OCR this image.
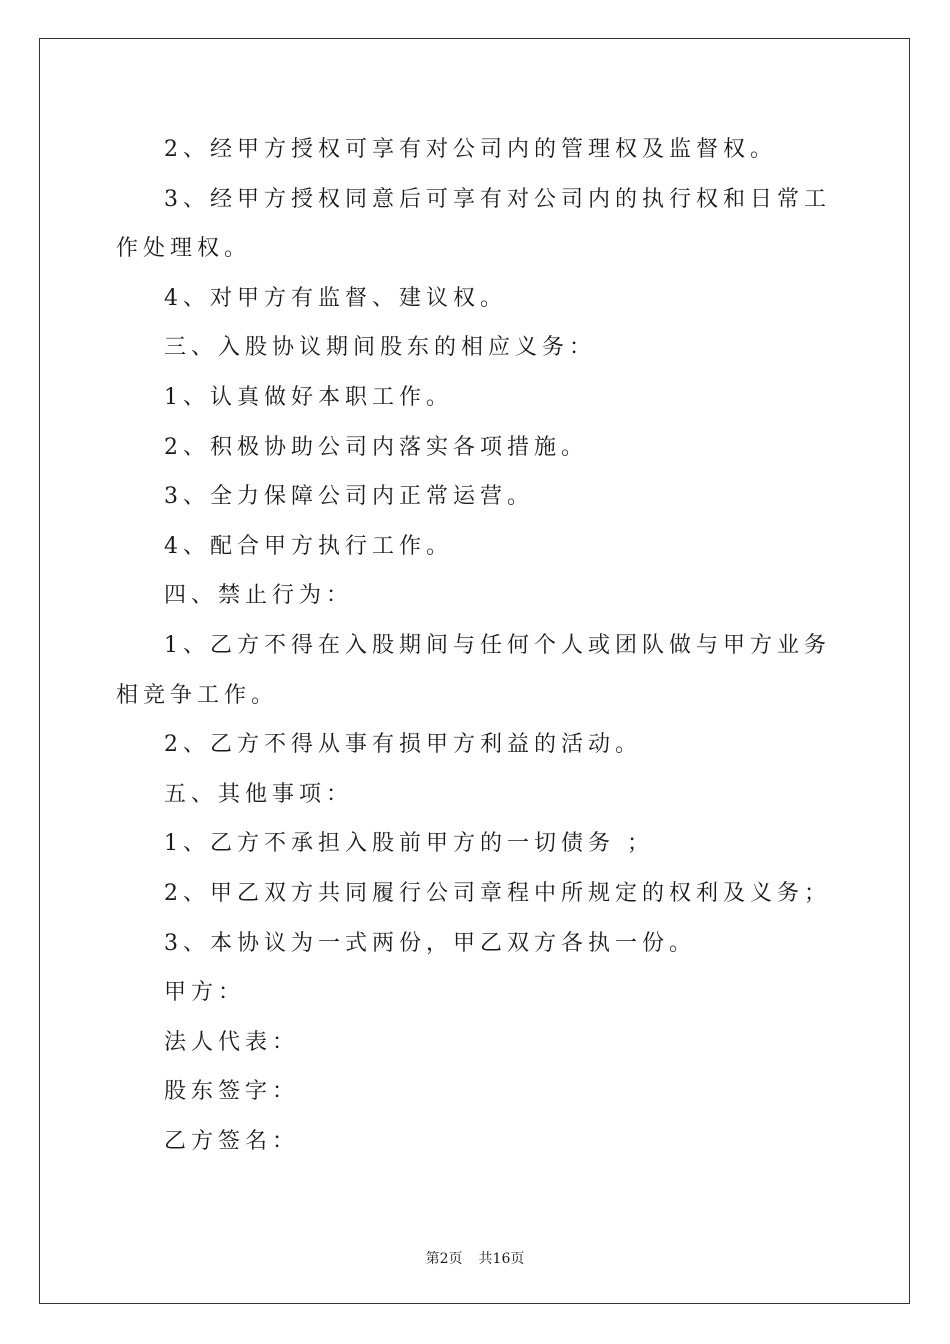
2、经甲方授权可享有对公司内的管理权及监督权。

3、经甲方授权同意后可享有对公司内的执行权和日常工作处理权。

4、对甲方有监督、建议权。

三、入股协议期间股东的相应义务：

1、认真做好本职工作。

2、积极协助公司内落实各项措施。

3、全力保障公司内正常运营。

4、配合甲方执行工作。

四、禁止行为：

1、乙方不得在入股期间与任何个人或团队做与甲方业务相竞争工作。

2、乙方不得从事有损甲方利益的活动。

五、其他事项：

1、乙方不承担入股前甲方的一切债务 ；

2、甲乙双方共同履行公司章程中所规定的权利及义务；

3、本协议为一式两份，甲乙双方各执一份。

甲方：

法人代表：

股东签字：

乙方签名：

第2页 共16页
